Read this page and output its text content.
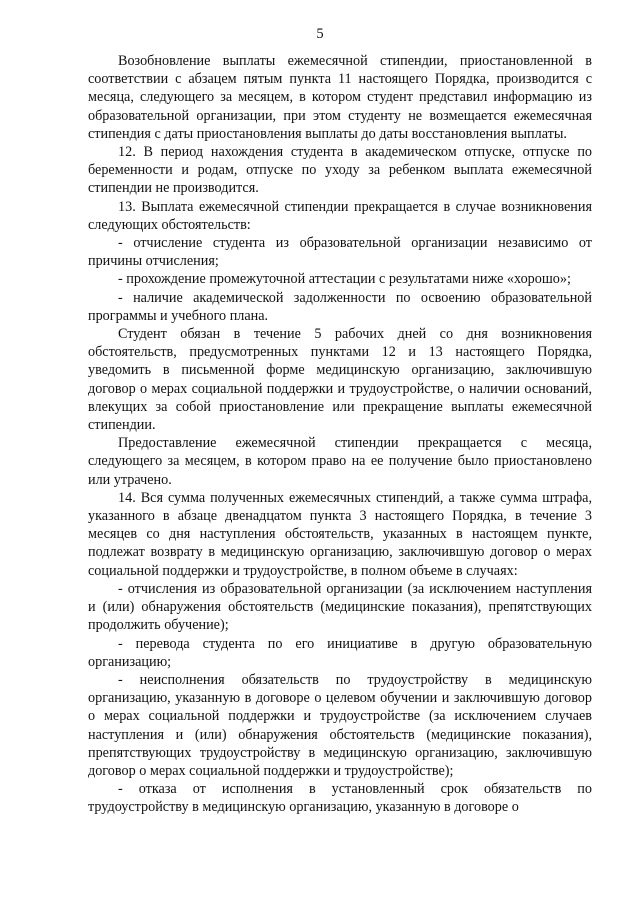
5

Возобновление выплаты ежемесячной стипендии, приостановленной в соответствии с абзацем пятым пункта 11 настоящего Порядка, производится с месяца, следующего за месяцем, в котором студент представил информацию из образовательной организации, при этом студенту не возмещается ежемесячная стипендия с даты приостановления выплаты до даты восстановления выплаты.

12. В период нахождения студента в академическом отпуске, отпуске по беременности и родам, отпуске по уходу за ребенком выплата ежемесячной стипендии не производится.

13. Выплата ежемесячной стипендии прекращается в случае возникновения следующих обстоятельств:

- отчисление студента из образовательной организации независимо от причины отчисления;

- прохождение промежуточной аттестации с результатами ниже «хорошо»;

- наличие академической задолженности по освоению образовательной программы и учебного плана.

Студент обязан в течение 5 рабочих дней со дня возникновения обстоятельств, предусмотренных пунктами 12 и 13 настоящего Порядка, уведомить в письменной форме медицинскую организацию, заключившую договор о мерах социальной поддержки и трудоустройстве, о наличии оснований, влекущих за собой приостановление или прекращение выплаты ежемесячной стипендии.

Предоставление ежемесячной стипендии прекращается с месяца, следующего за месяцем, в котором право на ее получение было приостановлено или утрачено.

14. Вся сумма полученных ежемесячных стипендий, а также сумма штрафа, указанного в абзаце двенадцатом пункта 3 настоящего Порядка, в течение 3 месяцев со дня наступления обстоятельств, указанных в настоящем пункте, подлежат возврату в медицинскую организацию, заключившую договор о мерах социальной поддержки и трудоустройстве, в полном объеме в случаях:

- отчисления из образовательной организации (за исключением наступления и (или) обнаружения обстоятельств (медицинские показания), препятствующих продолжить обучение);

- перевода студента по его инициативе в другую образовательную организацию;

- неисполнения обязательств по трудоустройству в медицинскую организацию, указанную в договоре о целевом обучении и заключившую договор о мерах социальной поддержки и трудоустройстве (за исключением случаев наступления и (или) обнаружения обстоятельств (медицинские показания), препятствующих трудоустройству в медицинскую организацию, заключившую договор о мерах социальной поддержки и трудоустройстве);

- отказа от исполнения в установленный срок обязательств по трудоустройству в медицинскую организацию, указанную в договоре о
